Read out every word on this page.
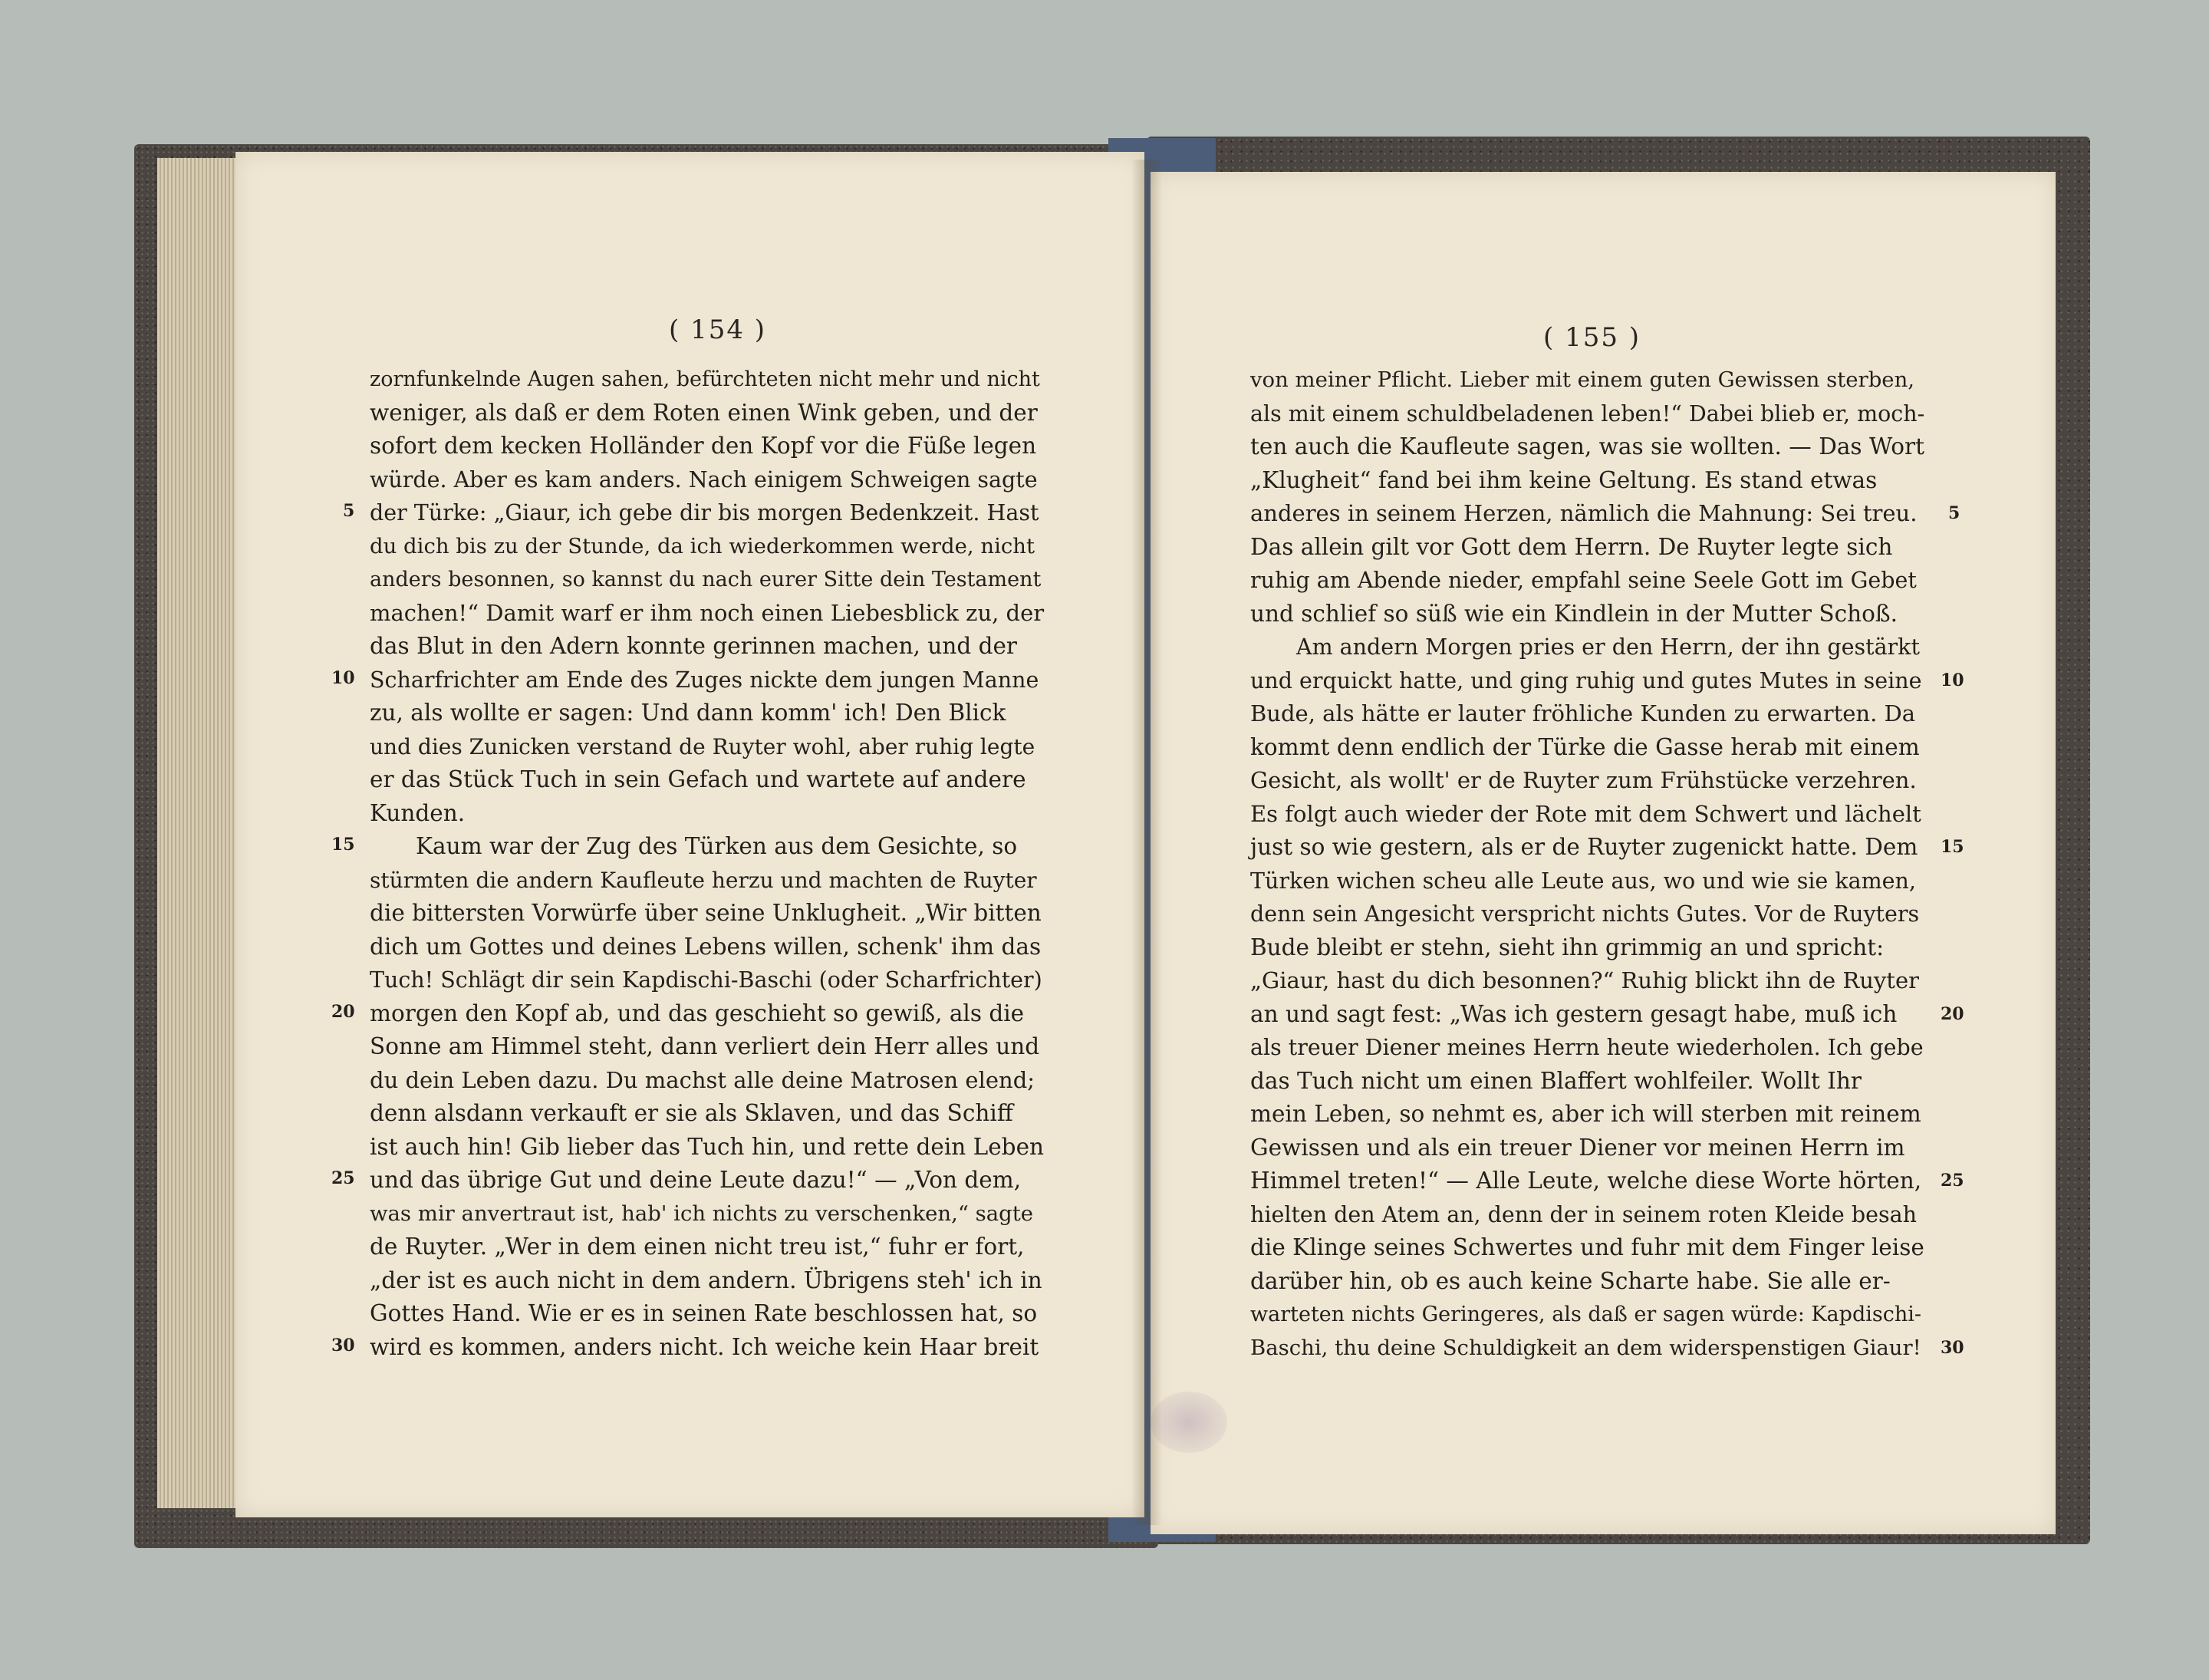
( 154 )
zornfunkelnde Augen sahen, befürchteten nicht mehr und nicht
weniger, als daß er dem Roten einen Wink geben, und der
sofort dem kecken Holländer den Kopf vor die Füße legen
würde. Aber es kam anders. Nach einigem Schweigen sagte
der Türke: „Giaur, ich gebe dir bis morgen Bedenkzeit. Hast
du dich bis zu der Stunde, da ich wiederkommen werde, nicht
anders besonnen, so kannst du nach eurer Sitte dein Testament
machen!“ Damit warf er ihm noch einen Liebesblick zu, der
das Blut in den Adern konnte gerinnen machen, und der
Scharfrichter am Ende des Zuges nickte dem jungen Manne
zu, als wollte er sagen: Und dann komm' ich! Den Blick
und dies Zunicken verstand de Ruyter wohl, aber ruhig legte
er das Stück Tuch in sein Gefach und wartete auf andere
Kunden.
Kaum war der Zug des Türken aus dem Gesichte, so
stürmten die andern Kaufleute herzu und machten de Ruyter
die bittersten Vorwürfe über seine Unklugheit. „Wir bitten
dich um Gottes und deines Lebens willen, schenk' ihm das
Tuch! Schlägt dir sein Kapdischi-Baschi (oder Scharfrichter)
morgen den Kopf ab, und das geschieht so gewiß, als die
Sonne am Himmel steht, dann verliert dein Herr alles und
du dein Leben dazu. Du machst alle deine Matrosen elend;
denn alsdann verkauft er sie als Sklaven, und das Schiff
ist auch hin! Gib lieber das Tuch hin, und rette dein Leben
und das übrige Gut und deine Leute dazu!“ — „Von dem,
was mir anvertraut ist, hab' ich nichts zu verschenken,“ sagte
de Ruyter. „Wer in dem einen nicht treu ist,“ fuhr er fort,
„der ist es auch nicht in dem andern. Übrigens steh' ich in
Gottes Hand. Wie er es in seinen Rate beschlossen hat, so
wird es kommen, anders nicht. Ich weiche kein Haar breit
5
10
15
20
25
30
( 155 )
von meiner Pflicht. Lieber mit einem guten Gewissen sterben,
als mit einem schuldbeladenen leben!“ Dabei blieb er, moch-
ten auch die Kaufleute sagen, was sie wollten. — Das Wort
„Klugheit“ fand bei ihm keine Geltung. Es stand etwas
anderes in seinem Herzen, nämlich die Mahnung: Sei treu.
Das allein gilt vor Gott dem Herrn. De Ruyter legte sich
ruhig am Abende nieder, empfahl seine Seele Gott im Gebet
und schlief so süß wie ein Kindlein in der Mutter Schoß.
Am andern Morgen pries er den Herrn, der ihn gestärkt
und erquickt hatte, und ging ruhig und gutes Mutes in seine
Bude, als hätte er lauter fröhliche Kunden zu erwarten. Da
kommt denn endlich der Türke die Gasse herab mit einem
Gesicht, als wollt' er de Ruyter zum Frühstücke verzehren.
Es folgt auch wieder der Rote mit dem Schwert und lächelt
just so wie gestern, als er de Ruyter zugenickt hatte. Dem
Türken wichen scheu alle Leute aus, wo und wie sie kamen,
denn sein Angesicht verspricht nichts Gutes. Vor de Ruyters
Bude bleibt er stehn, sieht ihn grimmig an und spricht:
„Giaur, hast du dich besonnen?“ Ruhig blickt ihn de Ruyter
an und sagt fest: „Was ich gestern gesagt habe, muß ich
als treuer Diener meines Herrn heute wiederholen. Ich gebe
das Tuch nicht um einen Blaffert wohlfeiler. Wollt Ihr
mein Leben, so nehmt es, aber ich will sterben mit reinem
Gewissen und als ein treuer Diener vor meinen Herrn im
Himmel treten!“ — Alle Leute, welche diese Worte hörten,
hielten den Atem an, denn der in seinem roten Kleide besah
die Klinge seines Schwertes und fuhr mit dem Finger leise
darüber hin, ob es auch keine Scharte habe. Sie alle er-
warteten nichts Geringeres, als daß er sagen würde: Kapdischi-
Baschi, thu deine Schuldigkeit an dem widerspenstigen Giaur!
5
10
15
20
25
30
